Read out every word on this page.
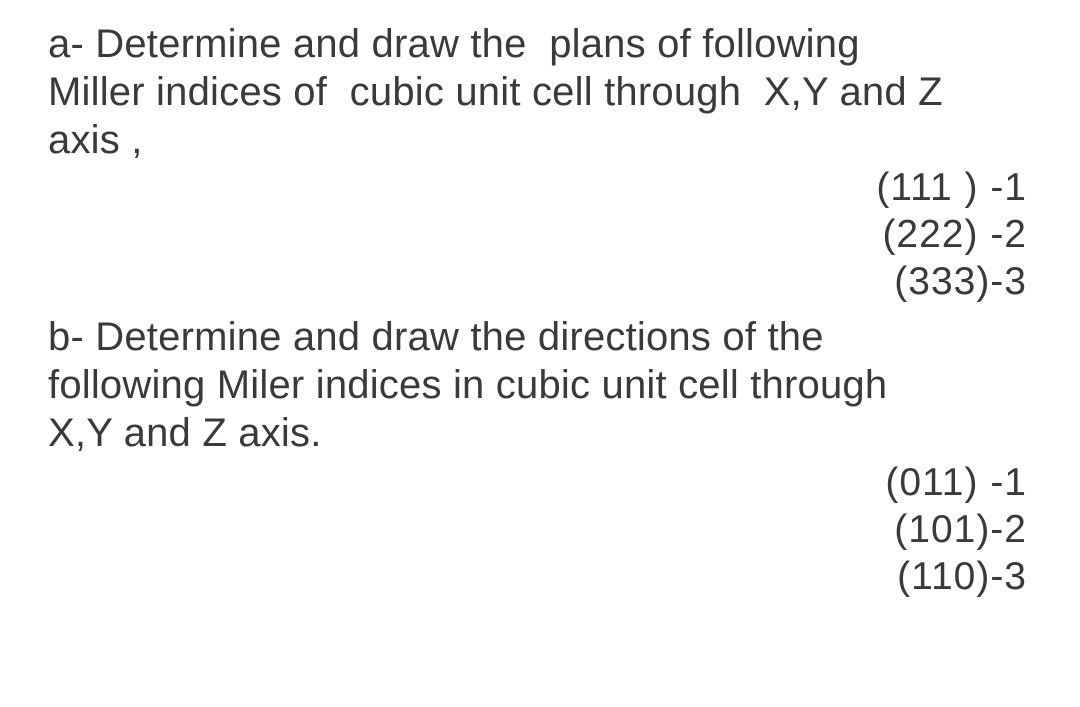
a- Determine and draw the  plans of following
Miller indices of  cubic unit cell through  X,Y and Z
axis ,
(111 ) -1
(222) -2
(333)-3
b- Determine and draw the directions of the
following Miler indices in cubic unit cell through
X,Y and Z axis.
(011) -1
(101)-2
(110)-3
